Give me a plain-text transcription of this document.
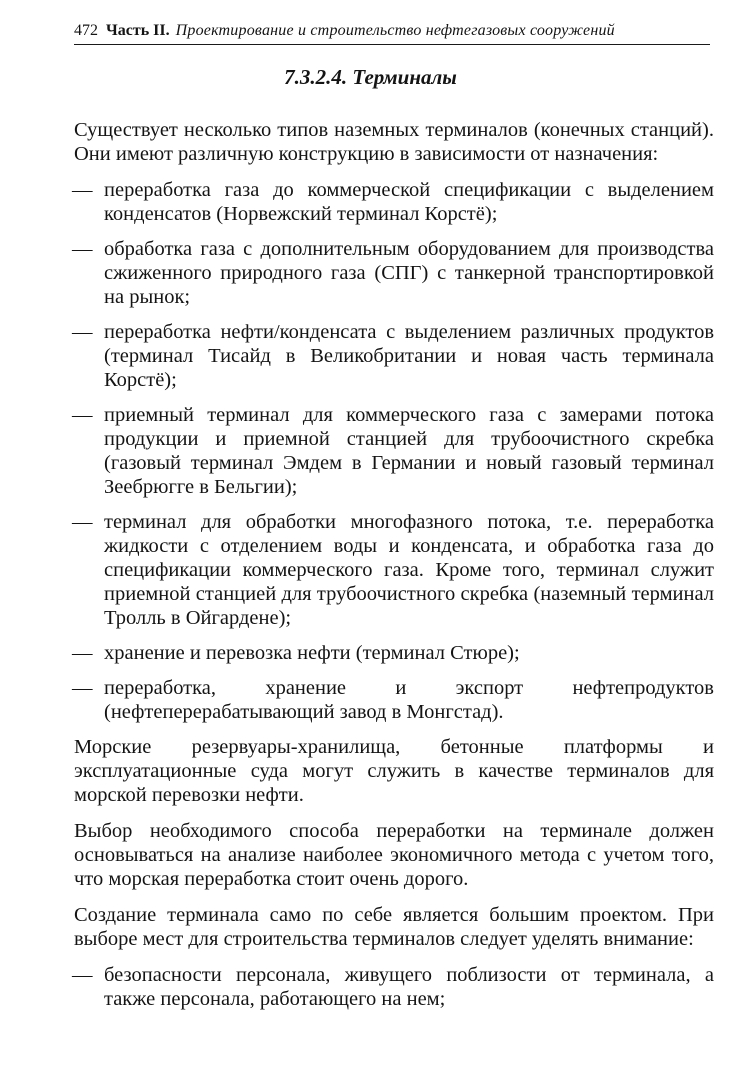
472 Часть II. Проектирование и строительство нефтегазовых сооружений
7.3.2.4. Терминалы

Существует несколько типов наземных терминалов (конечных станций). Они имеют различную конструкцию в зависимости от назначения:

— переработка газа до коммерческой спецификации с выделением конденсатов (Норвежский терминал Корстё);
— обработка газа с дополнительным оборудованием для производства сжиженного природного газа (СПГ) с танкерной транспортировкой на рынок;
— переработка нефти/конденсата с выделением различных продуктов (терминал Тисайд в Великобритании и новая часть терминала Корстё);
— приемный терминал для коммерческого газа с замерами потока продукции и приемной станцией для трубоочистного скребка (газовый терминал Эмдем в Германии и новый газовый терминал Зеебрюгге в Бельгии);
— терминал для обработки многофазного потока, т.е. переработка жидкости с отделением воды и конденсата, и обработка газа до спецификации коммерческого газа. Кроме того, терминал служит приемной станцией для трубоочистного скребка (наземный терминал Тролль в Ойгардене);
— хранение и перевозка нефти (терминал Стюре);
— переработка, хранение и экспорт нефтепродуктов (нефтеперерабатывающий завод в Монгстад).

Морские резервуары-хранилища, бетонные платформы и эксплуатационные суда могут служить в качестве терминалов для морской перевозки нефти.

Выбор необходимого способа переработки на терминале должен основываться на анализе наиболее экономичного метода с учетом того, что морская переработка стоит очень дорого.

Создание терминала само по себе является большим проектом. При выборе мест для строительства терминалов следует уделять внимание:

— безопасности персонала, живущего поблизости от терминала, а также персонала, работающего на нем;
